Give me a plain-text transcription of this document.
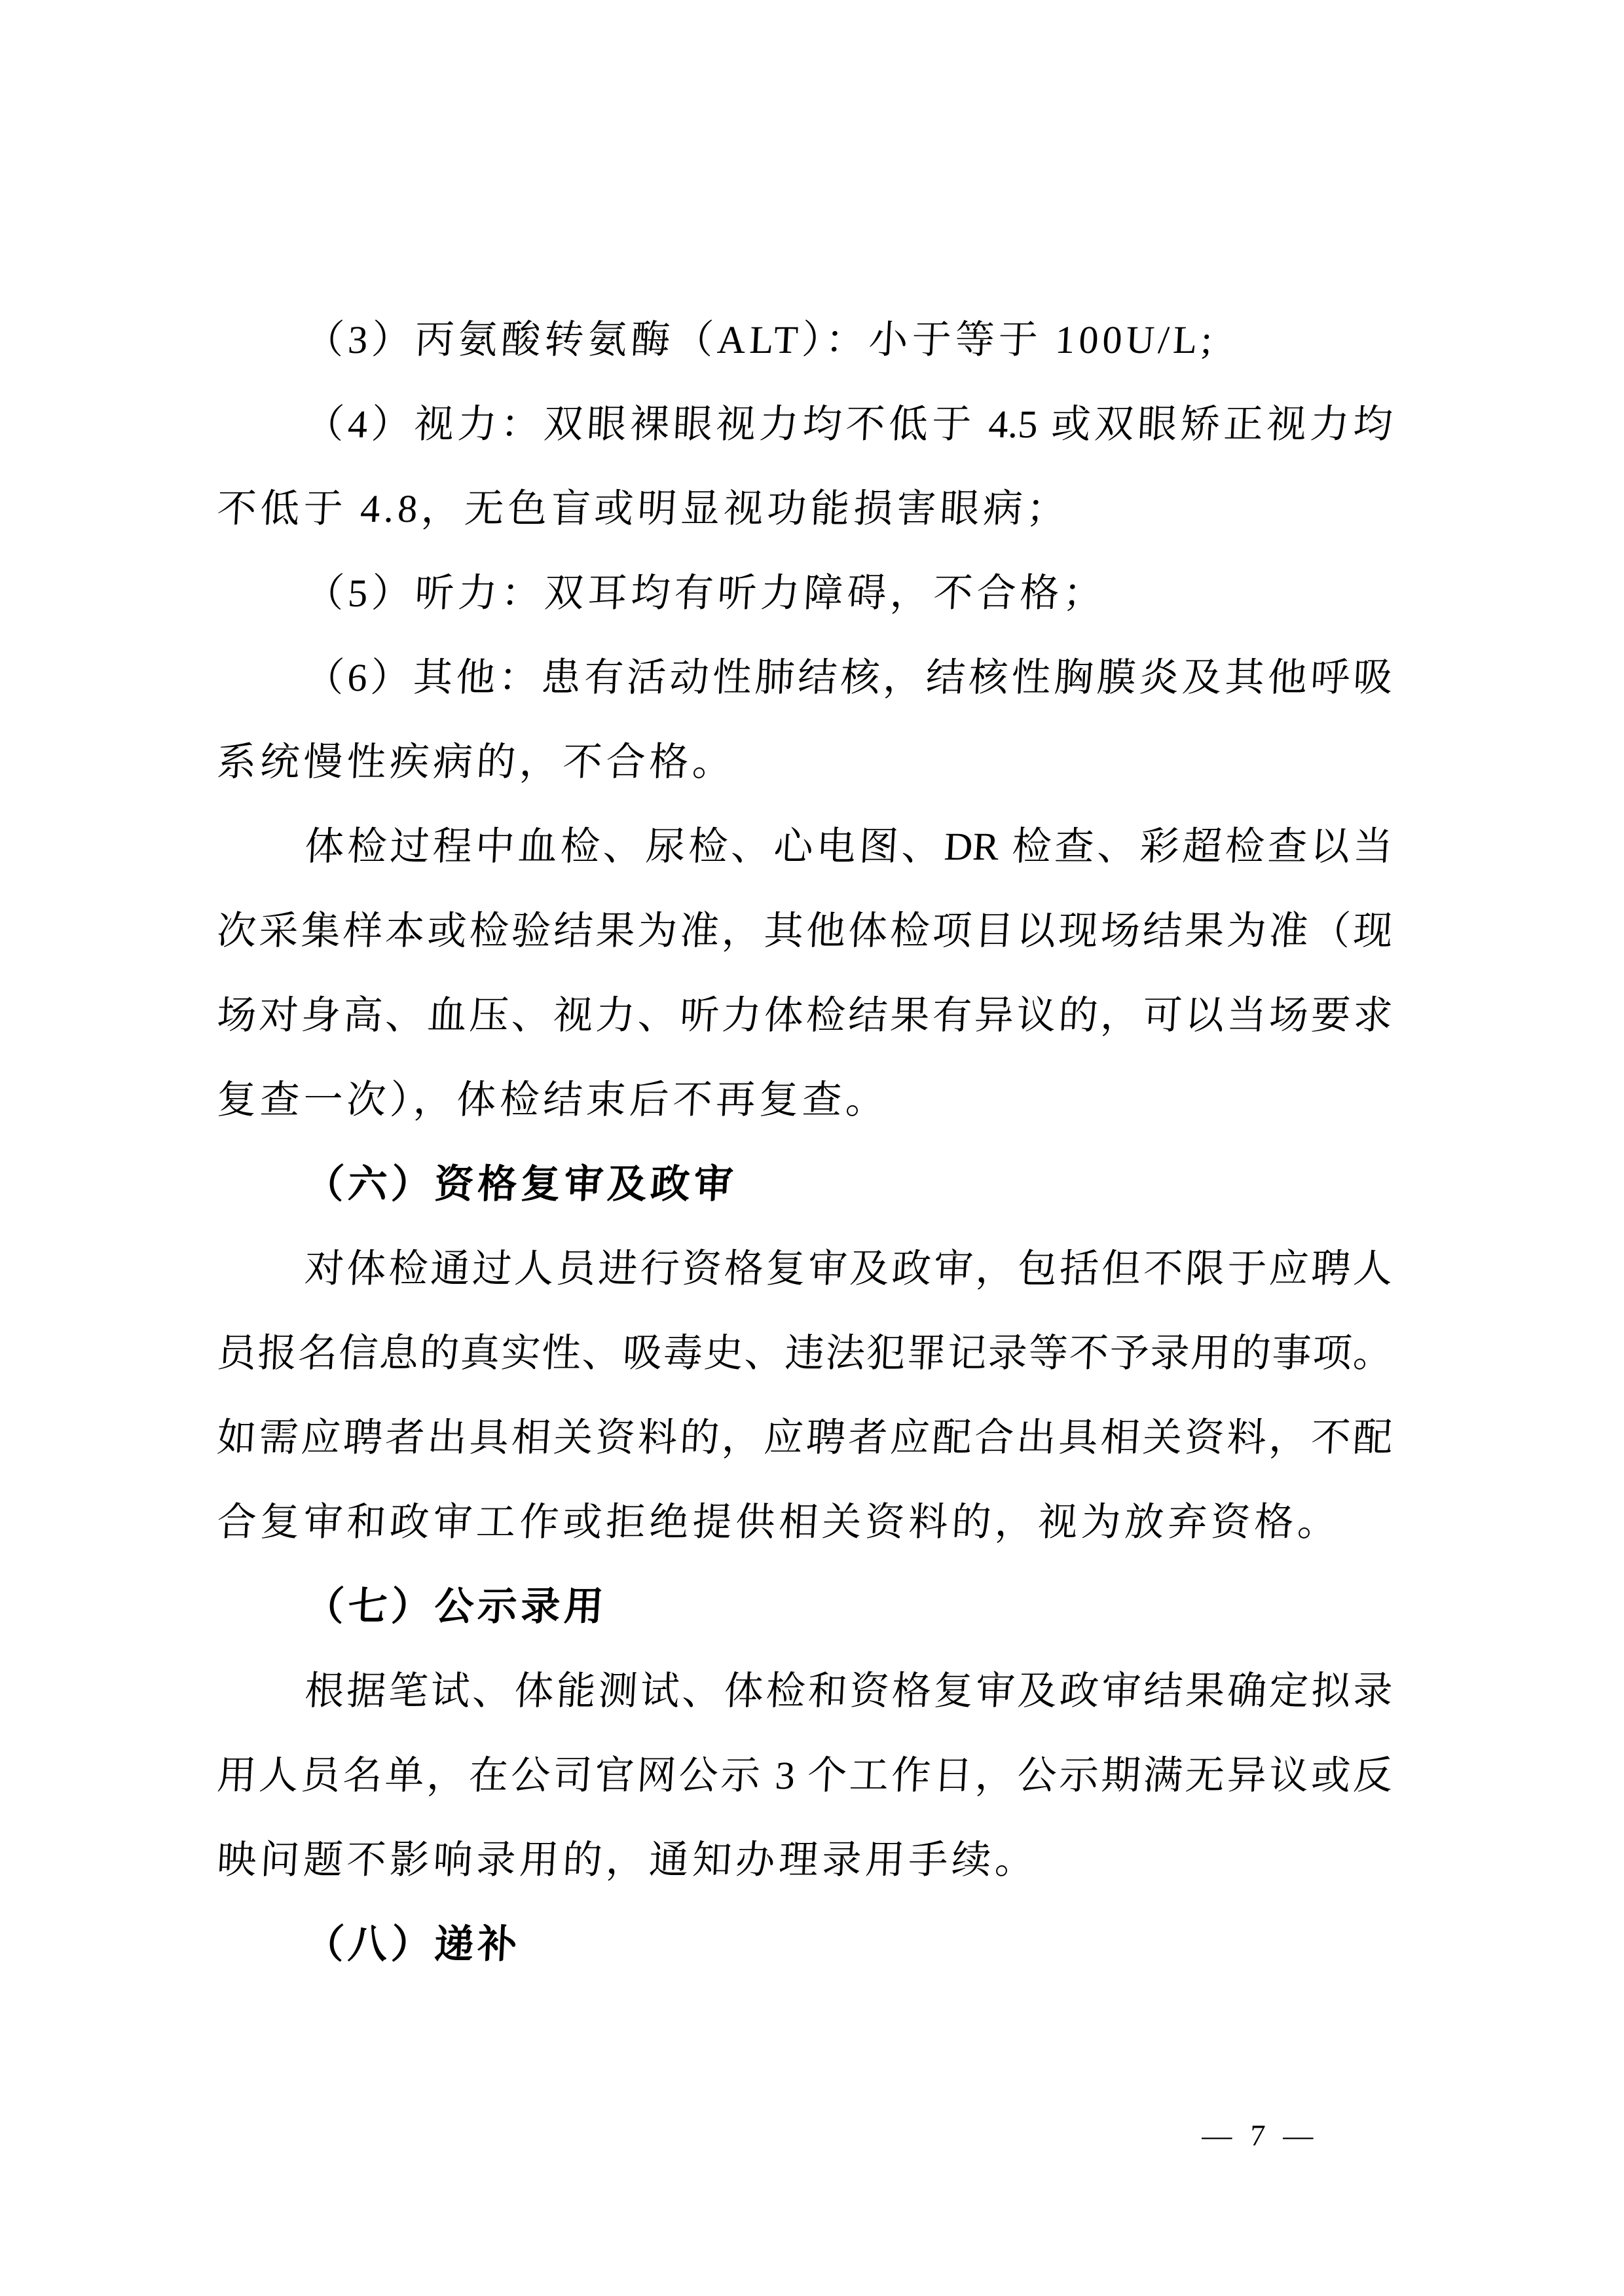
（3）丙氨酸转氨酶（ALT）：小于等于 100U/L;
（4）视力：双眼裸眼视力均不低于 4.5 或双眼矫正视力均
不低于 4.8，无色盲或明显视功能损害眼病；
（5）听力：双耳均有听力障碍，不合格；
（6）其他：患有活动性肺结核，结核性胸膜炎及其他呼吸
系统慢性疾病的，不合格。
体检过程中血检、尿检、心电图、DR 检查、彩超检查以当
次采集样本或检验结果为准，其他体检项目以现场结果为准（现
场对身高、血压、视力、听力体检结果有异议的，可以当场要求
复查一次），体检结束后不再复查。
（六）资格复审及政审
对体检通过人员进行资格复审及政审，包括但不限于应聘人
员报名信息的真实性、吸毒史、违法犯罪记录等不予录用的事项。
如需应聘者出具相关资料的，应聘者应配合出具相关资料，不配
合复审和政审工作或拒绝提供相关资料的，视为放弃资格。
（七）公示录用
根据笔试、体能测试、体检和资格复审及政审结果确定拟录
用人员名单，在公司官网公示 3 个工作日，公示期满无异议或反
映问题不影响录用的，通知办理录用手续。
（八）递补
— 7 —
